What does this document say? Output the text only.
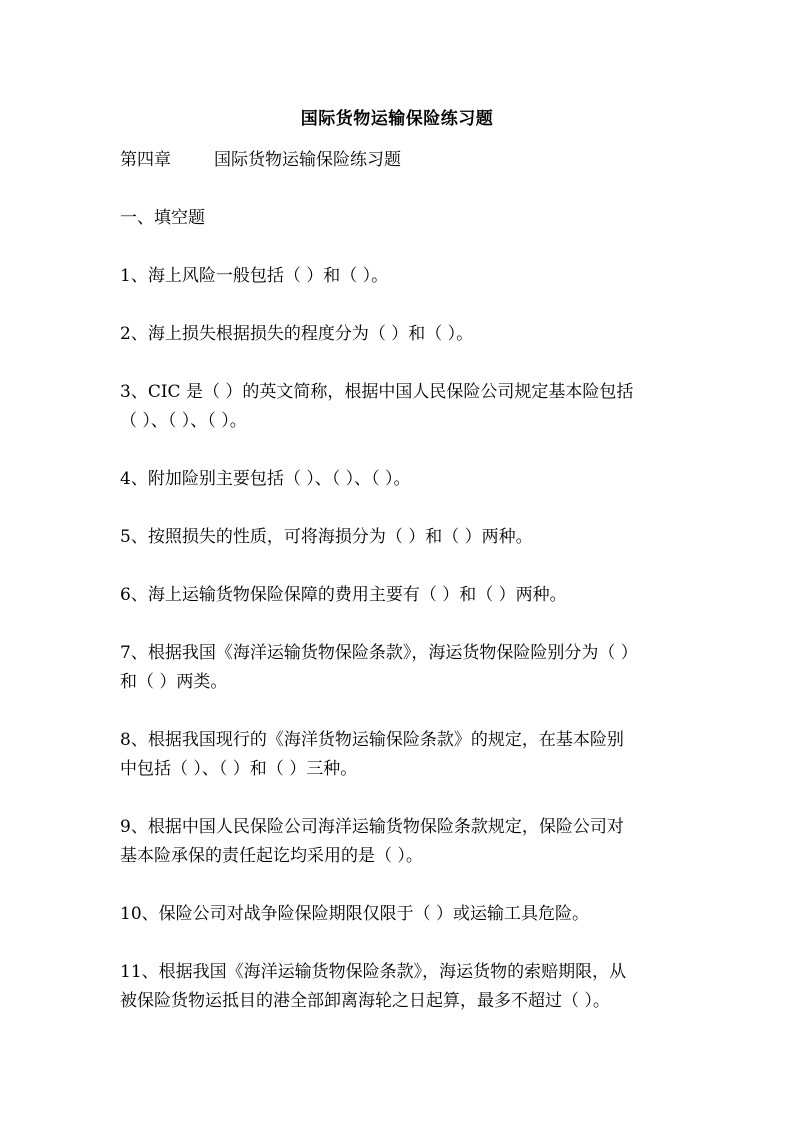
国际货物运输保险练习题
第四章	国际货物运输保险练习题
一、填空题
1、海上风险一般包括（ ）和（ ）。
2、海上损失根据损失的程度分为（ ）和（ ）。
3、CIC 是（ ）的英文简称，根据中国人民保险公司规定基本险包括
（ ）、（ ）、（ ）。
4、附加险别主要包括（ ）、（ ）、（ ）。
5、按照损失的性质，可将海损分为（ ）和（ ）两种。
6、海上运输货物保险保障的费用主要有（ ）和（ ）两种。
7、根据我国《海洋运输货物保险条款》，海运货物保险险别分为（ ）
和（ ）两类。
8、根据我国现行的《海洋货物运输保险条款》的规定，在基本险别
中包括（ ）、（ ）和（ ）三种。
9、根据中国人民保险公司海洋运输货物保险条款规定，保险公司对
基本险承保的责任起讫均采用的是（ ）。
10、保险公司对战争险保险期限仅限于（ ）或运输工具危险。
11、根据我国《海洋运输货物保险条款》，海运货物的索赔期限，从
被保险货物运抵目的港全部卸离海轮之日起算，最多不超过（ ）。
